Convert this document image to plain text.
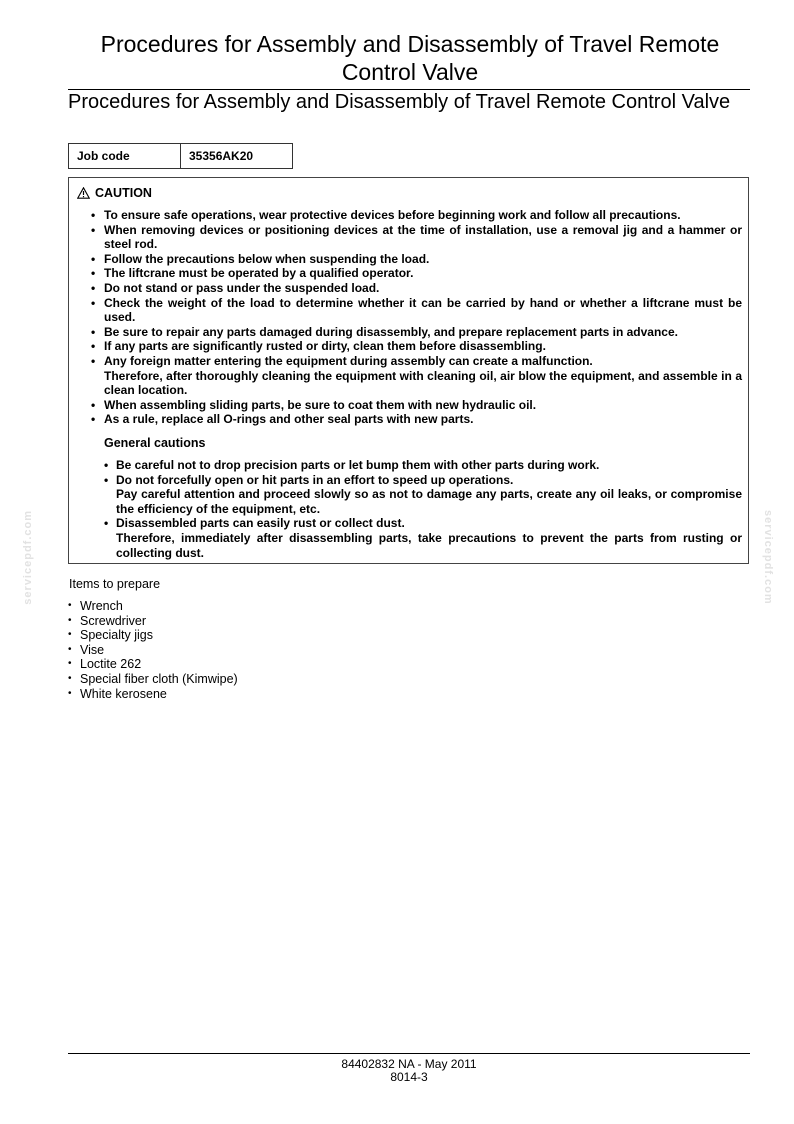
Procedures for Assembly and Disassembly of Travel Remote Control Valve
Procedures for Assembly and Disassembly of Travel Remote Control Valve
Job code	35356AK20
CAUTION
• To ensure safe operations, wear protective devices before beginning work and follow all precautions.
• When removing devices or positioning devices at the time of installation, use a removal jig and a hammer or steel rod.
• Follow the precautions below when suspending the load.
• The liftcrane must be operated by a qualified operator.
• Do not stand or pass under the suspended load.
• Check the weight of the load to determine whether it can be carried by hand or whether a liftcrane must be used.
• Be sure to repair any parts damaged during disassembly, and prepare replacement parts in advance.
• If any parts are significantly rusted or dirty, clean them before disassembling.
• Any foreign matter entering the equipment during assembly can create a malfunction.
Therefore, after thoroughly cleaning the equipment with cleaning oil, air blow the equipment, and assemble in a clean location.
• When assembling sliding parts, be sure to coat them with new hydraulic oil.
• As a rule, replace all O-rings and other seal parts with new parts.
General cautions
• Be careful not to drop precision parts or let bump them with other parts during work.
• Do not forcefully open or hit parts in an effort to speed up operations.
Pay careful attention and proceed slowly so as not to damage any parts, create any oil leaks, or compromise the efficiency of the equipment, etc.
• Disassembled parts can easily rust or collect dust.
Therefore, immediately after disassembling parts, take precautions to prevent the parts from rusting or collecting dust.
Items to prepare
• Wrench
• Screwdriver
• Specialty jigs
• Vise
• Loctite 262
• Special fiber cloth (Kimwipe)
• White kerosene
servicepdf.com	servicepdf.com
84402832 NA - May 2011
8014-3
